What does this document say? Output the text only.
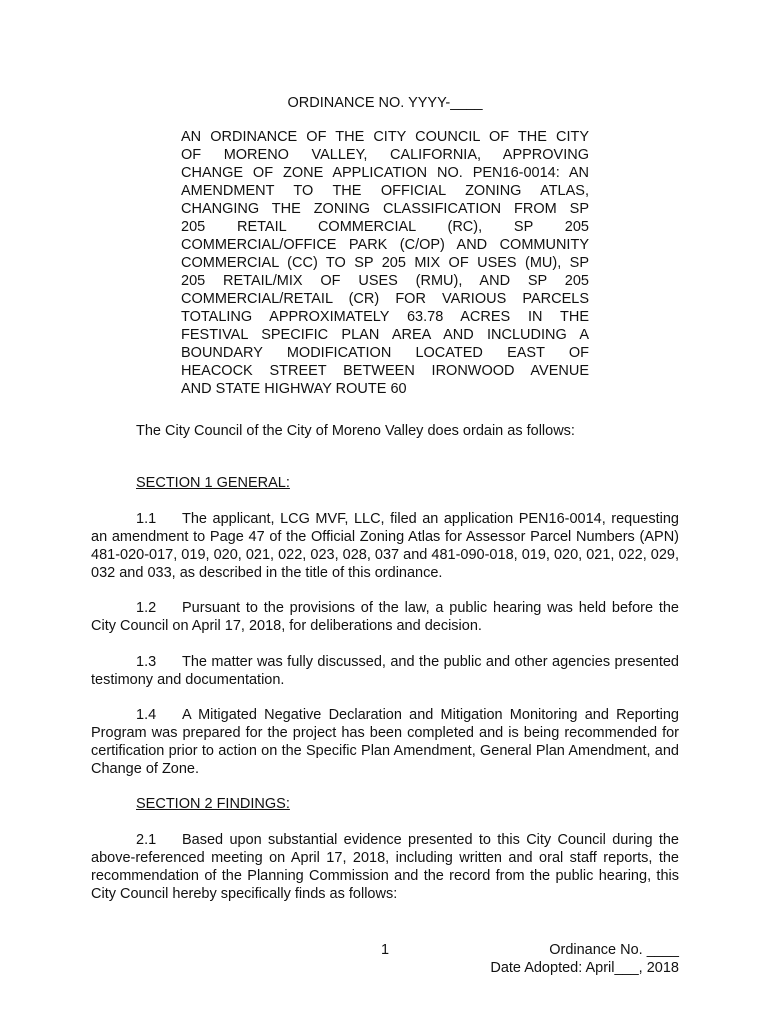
ORDINANCE NO. YYYY-____
AN ORDINANCE OF THE CITY COUNCIL OF THE CITY
OF MORENO VALLEY, CALIFORNIA, APPROVING
CHANGE OF ZONE APPLICATION NO. PEN16-0014: AN
AMENDMENT TO THE OFFICIAL ZONING ATLAS,
CHANGING THE ZONING CLASSIFICATION FROM SP
205 RETAIL COMMERCIAL (RC), SP 205
COMMERCIAL/OFFICE PARK (C/OP) AND COMMUNITY
COMMERCIAL (CC) TO SP 205 MIX OF USES (MU), SP
205 RETAIL/MIX OF USES (RMU), AND SP 205
COMMERCIAL/RETAIL (CR) FOR VARIOUS PARCELS
TOTALING APPROXIMATELY 63.78 ACRES IN THE
FESTIVAL SPECIFIC PLAN AREA AND INCLUDING A
BOUNDARY MODIFICATION LOCATED EAST OF
HEACOCK STREET BETWEEN IRONWOOD AVENUE
AND STATE HIGHWAY ROUTE 60
The City Council of the City of Moreno Valley does ordain as follows:
SECTION 1 GENERAL:
1.1 The applicant, LCG MVF, LLC, filed an application PEN16-0014, requesting an amendment to Page 47 of the Official Zoning Atlas for Assessor Parcel Numbers (APN) 481-020-017, 019, 020, 021, 022, 023, 028, 037 and 481-090-018, 019, 020, 021, 022, 029, 032 and 033, as described in the title of this ordinance.
1.2 Pursuant to the provisions of the law, a public hearing was held before the City Council on April 17, 2018, for deliberations and decision.
1.3 The matter was fully discussed, and the public and other agencies presented testimony and documentation.
1.4 A Mitigated Negative Declaration and Mitigation Monitoring and Reporting Program was prepared for the project has been completed and is being recommended for certification prior to action on the Specific Plan Amendment, General Plan Amendment, and Change of Zone.
SECTION 2 FINDINGS:
2.1 Based upon substantial evidence presented to this City Council during the above-referenced meeting on April 17, 2018, including written and oral staff reports, the recommendation of the Planning Commission and the record from the public hearing, this City Council hereby specifically finds as follows:
1	Ordinance No. ____
Date Adopted: April___, 2018
